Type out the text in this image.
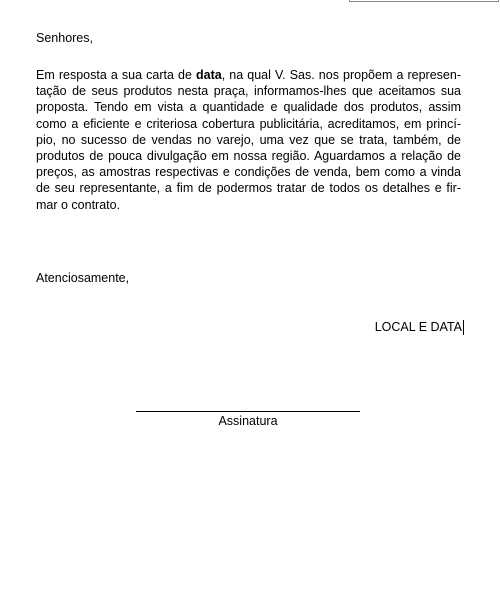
Senhores,

Em resposta a sua carta de data, na qual V. Sas. nos propõem a represen-
tação de seus produtos nesta praça, informamos-lhes que aceitamos sua
proposta. Tendo em vista a quantidade e qualidade dos produtos, assim
como a eficiente e criteriosa cobertura publicitária, acreditamos, em princí-
pio, no sucesso de vendas no varejo, uma vez que se trata, também, de
produtos de pouca divulgação em nossa região. Aguardamos a relação de
preços, as amostras respectivas e condições de venda, bem como a vinda
de seu representante, a fim de podermos tratar de todos os detalhes e fir-
mar o contrato.

Atenciosamente,

LOCAL E DATA

Assinatura
